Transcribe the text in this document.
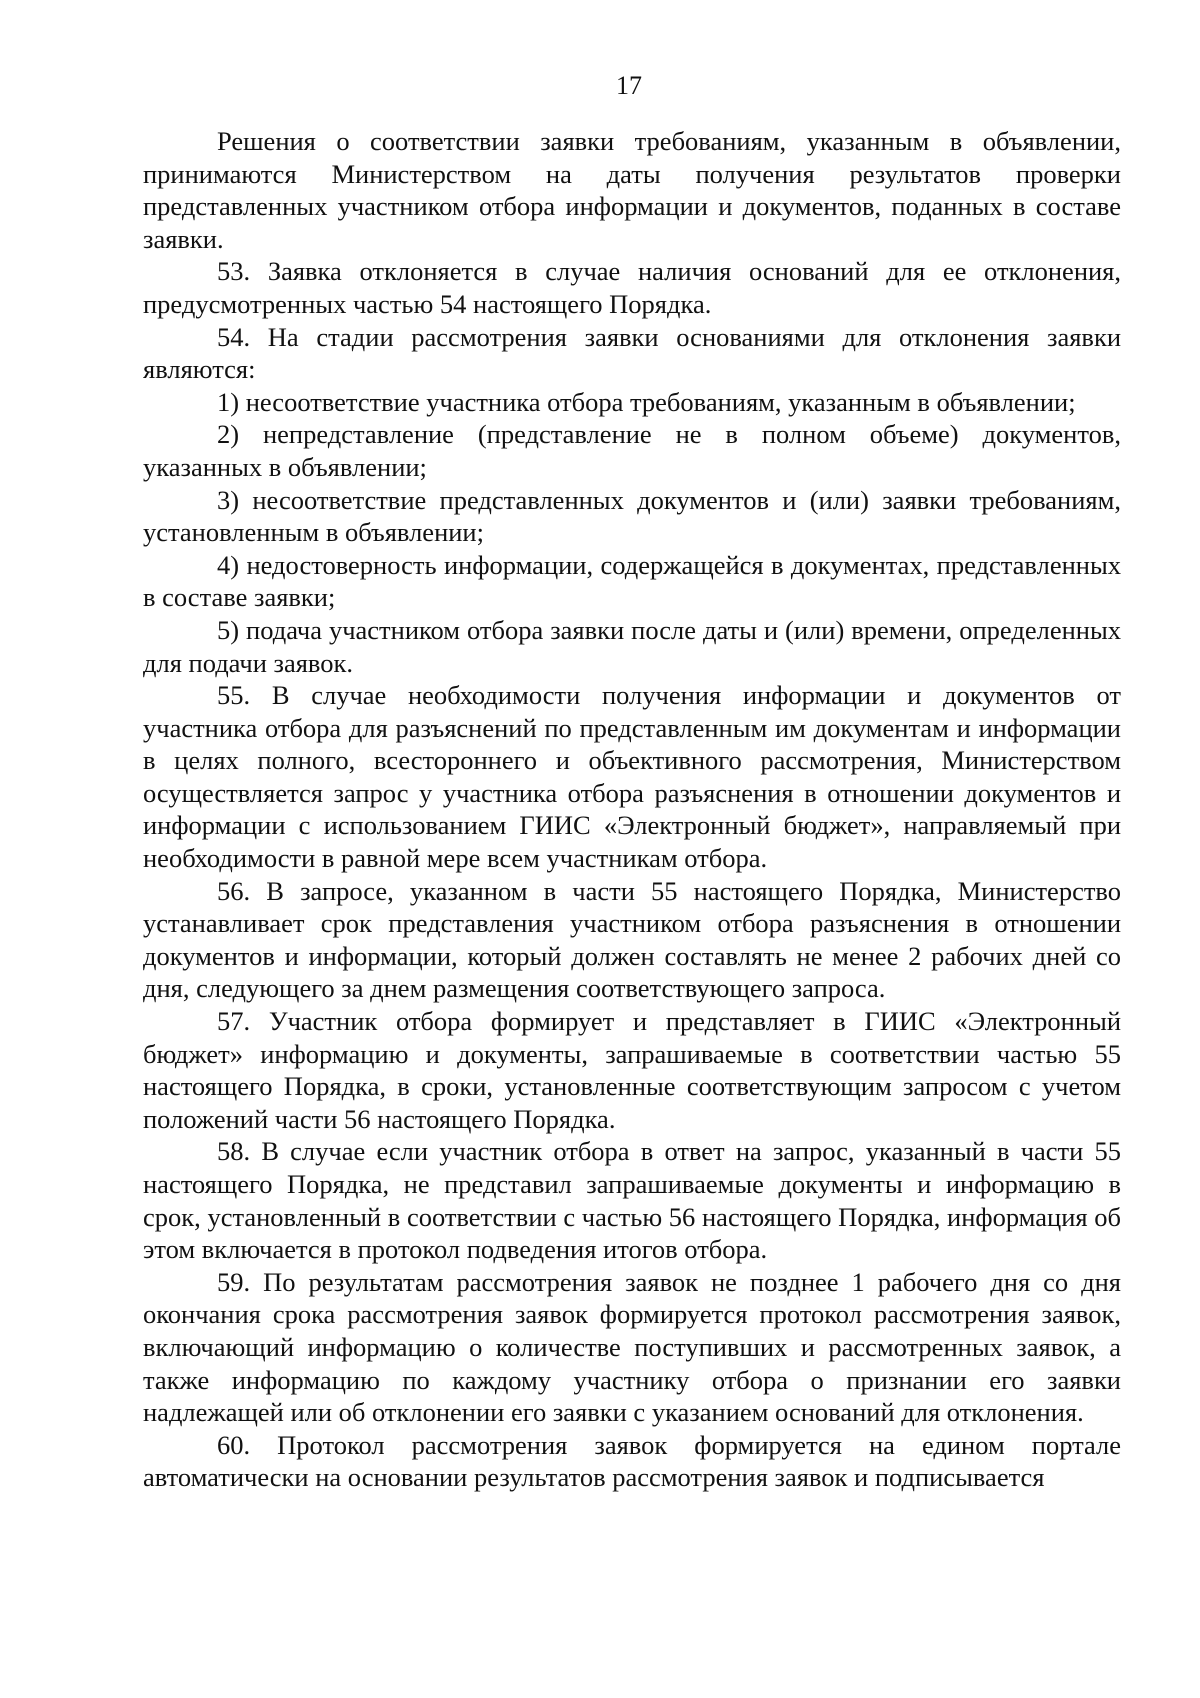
17

Решения о соответствии заявки требованиям, указанным в объявлении, принимаются Министерством на даты получения результатов проверки представленных участником отбора информации и документов, поданных в составе заявки.

53. Заявка отклоняется в случае наличия оснований для ее отклонения, предусмотренных частью 54 настоящего Порядка.

54. На стадии рассмотрения заявки основаниями для отклонения заявки являются:

1) несоответствие участника отбора требованиям, указанным в объявлении;

2) непредставление (представление не в полном объеме) документов, указанных в объявлении;

3) несоответствие представленных документов и (или) заявки требованиям, установленным в объявлении;

4) недостоверность информации, содержащейся в документах, представленных в составе заявки;

5) подача участником отбора заявки после даты и (или) времени, определенных для подачи заявок.

55. В случае необходимости получения информации и документов от участника отбора для разъяснений по представленным им документам и информации в целях полного, всестороннего и объективного рассмотрения, Министерством осуществляется запрос у участника отбора разъяснения в отношении документов и информации с использованием ГИИС «Электронный бюджет», направляемый при необходимости в равной мере всем участникам отбора.

56. В запросе, указанном в части 55 настоящего Порядка, Министерство устанавливает срок представления участником отбора разъяснения в отношении документов и информации, который должен составлять не менее 2 рабочих дней со дня, следующего за днем размещения соответствующего запроса.

57. Участник отбора формирует и представляет в ГИИС «Электронный бюджет» информацию и документы, запрашиваемые в соответствии частью 55 настоящего Порядка, в сроки, установленные соответствующим запросом с учетом положений части 56 настоящего Порядка.

58. В случае если участник отбора в ответ на запрос, указанный в части 55 настоящего Порядка, не представил запрашиваемые документы и информацию в срок, установленный в соответствии с частью 56 настоящего Порядка, информация об этом включается в протокол подведения итогов отбора.

59. По результатам рассмотрения заявок не позднее 1 рабочего дня со дня окончания срока рассмотрения заявок формируется протокол рассмотрения заявок, включающий информацию о количестве поступивших и рассмотренных заявок, а также информацию по каждому участнику отбора о признании его заявки надлежащей или об отклонении его заявки с указанием оснований для отклонения.

60. Протокол рассмотрения заявок формируется на едином портале автоматически на основании результатов рассмотрения заявок и подписывается
